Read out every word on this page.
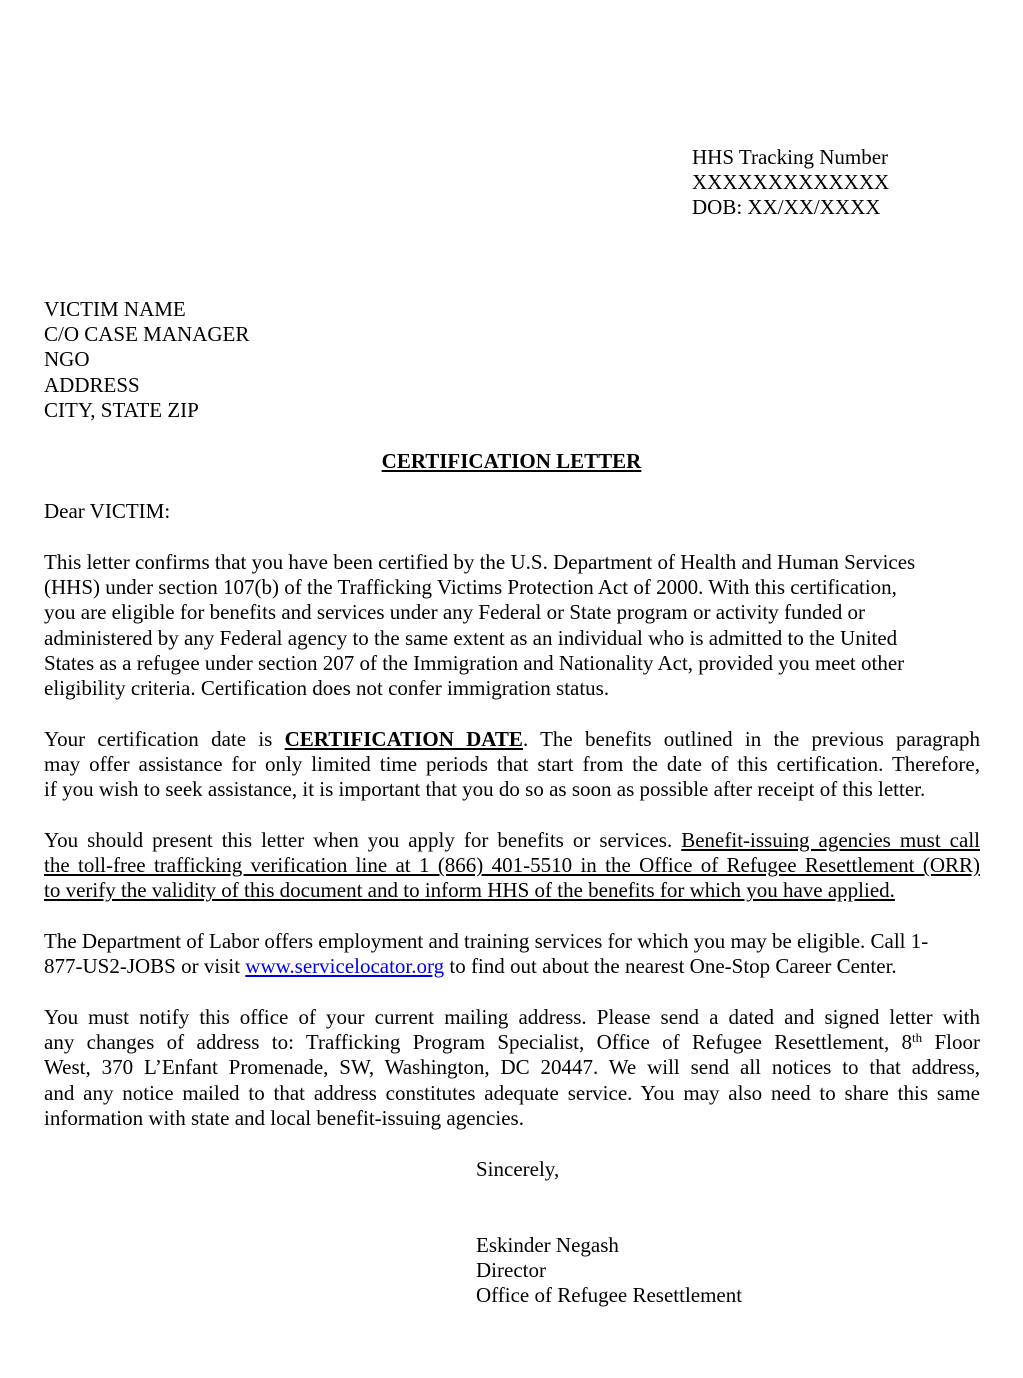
HHS Tracking Number
XXXXXXXXXXXXX
DOB: XX/XX/XXXX
VICTIM NAME
C/O CASE MANAGER
NGO
ADDRESS
CITY, STATE ZIP
CERTIFICATION LETTER
Dear VICTIM:
This letter confirms that you have been certified by the U.S. Department of Health and Human Services
(HHS) under section 107(b) of the Trafficking Victims Protection Act of 2000. With this certification,
you are eligible for benefits and services under any Federal or State program or activity funded or
administered by any Federal agency to the same extent as an individual who is admitted to the United
States as a refugee under section 207 of the Immigration and Nationality Act, provided you meet other
eligibility criteria. Certification does not confer immigration status.
Your certification date is CERTIFICATION DATE. The benefits outlined in the previous paragraph
may offer assistance for only limited time periods that start from the date of this certification. Therefore,
if you wish to seek assistance, it is important that you do so as soon as possible after receipt of this letter.
You should present this letter when you apply for benefits or services. Benefit-issuing agencies must call
the toll-free trafficking verification line at 1 (866) 401-5510 in the Office of Refugee Resettlement (ORR)
to verify the validity of this document and to inform HHS of the benefits for which you have applied.
The Department of Labor offers employment and training services for which you may be eligible. Call 1-
877-US2-JOBS or visit www.servicelocator.org to find out about the nearest One-Stop Career Center.
You must notify this office of your current mailing address. Please send a dated and signed letter with
any changes of address to: Trafficking Program Specialist, Office of Refugee Resettlement, 8th Floor
West, 370 L’Enfant Promenade, SW, Washington, DC 20447. We will send all notices to that address,
and any notice mailed to that address constitutes adequate service. You may also need to share this same
information with state and local benefit-issuing agencies.
Sincerely,
Eskinder Negash
Director
Office of Refugee Resettlement
